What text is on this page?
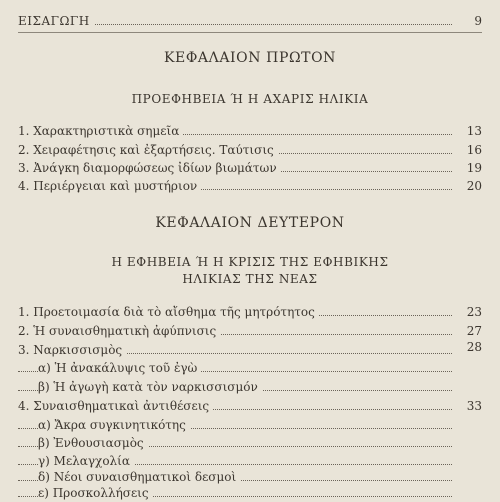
ΕΙΣΑΓΩΓΗ	9
ΚΕΦΑΛΑΙΟΝ ΠΡΩΤΟΝ
ΠΡΟΕΦΗΒΕΙΑ Ή Η ΑΧΑΡΙΣ ΗΛΙΚΙΑ
1. Χαρακτηριστικὰ σημεῖα	13
2. Χειραφέτησις καὶ ἐξαρτήσεις. Ταύτισις	16
3. Ἀνάγκη διαμορφώσεως ἰδίων βιωμάτων	19
4. Περιέργειαι καὶ μυστήριον	20
ΚΕΦΑΛΑΙΟΝ ΔΕΥΤΕΡΟΝ
Η ΕΦΗΒΕΙΑ Ή Η ΚΡΙΣΙΣ ΤΗΣ ΕΦΗΒΙΚΗΣ
ΗΛΙΚΙΑΣ ΤΗΣ ΝΕΑΣ
1. Προετοιμασία διὰ τὸ αἴσθημα τῆς μητρότητος	23
2. Ἡ συναισθηματικὴ ἀφύπνισις	27
3. Ναρκισσισμὸς	28
α) Ἡ ἀνακάλυψις τοῦ ἐγὼ
β) Ἡ ἀγωγὴ κατὰ τὸν ναρκισσισμόν
4. Συναισθηματικαὶ ἀντιθέσεις	33
α) Ἄκρα συγκινητικότης
β) Ἐνθουσιασμὸς
γ) Μελαγχολία
δ) Νέοι συναισθηματικοὶ δεσμοὶ
ε) Προσκολλήσεις
